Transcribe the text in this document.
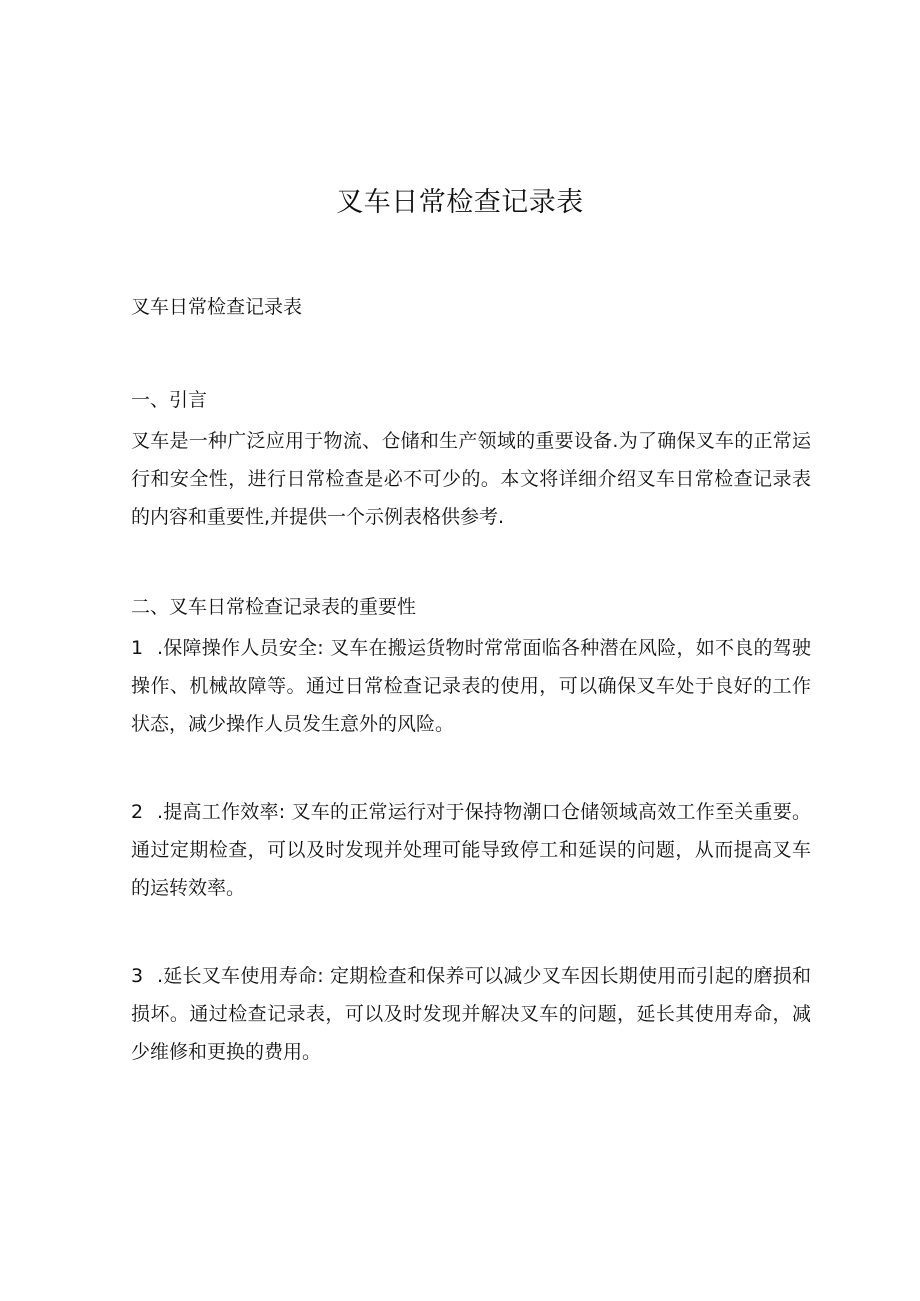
叉车日常检查记录表
叉车日常检查记录表
一、引言

叉车是一种广泛应用于物流、仓储和生产领域的重要设备.为了确保叉车的正常运行和安全性，进行日常检查是必不可少的。本文将详细介绍叉车日常检查记录表的内容和重要性,并提供一个示例表格供参考.

二、叉车日常检查记录表的重要性

1 .保障操作人员安全: 叉车在搬运货物时常常面临各种潜在风险，如不良的驾驶操作、机械故障等。通过日常检查记录表的使用，可以确保叉车处于良好的工作状态，减少操作人员发生意外的风险。

2 .提高工作效率: 叉车的正常运行对于保持物潮口仓储领域高效工作至关重要。通过定期检查，可以及时发现并处理可能导致停工和延误的问题，从而提高叉车的运转效率。

3 .延长叉车使用寿命: 定期检查和保养可以减少叉车因长期使用而引起的磨损和损坏。通过检查记录表，可以及时发现并解决叉车的问题，延长其使用寿命，减少维修和更换的费用。
